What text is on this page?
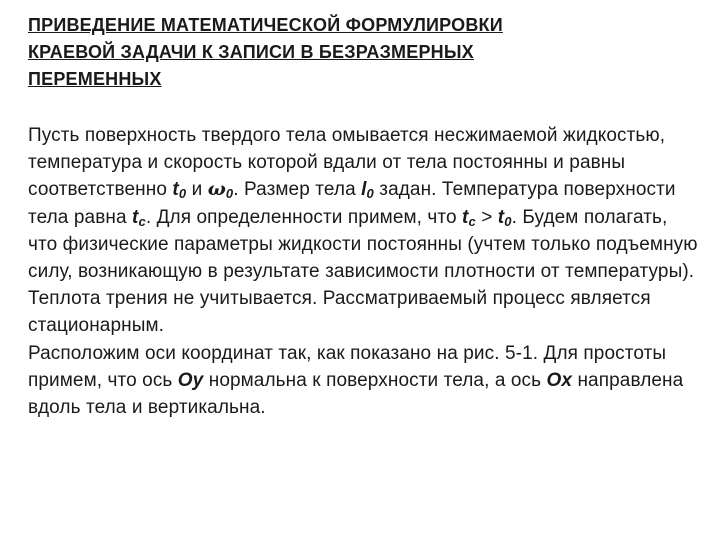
ПРИВЕДЕНИЕ МАТЕМАТИЧЕСКОЙ ФОРМУЛИРОВКИ
КРАЕВОЙ ЗАДАЧИ К ЗАПИСИ В БЕЗРАЗМЕРНЫХ
ПЕРЕМЕННЫХ

Пусть поверхность твердого тела омывается несжимаемой жидкостью, температура и скорость которой вдали от тела постоянны и равны соответственно $t_0$ и $\omega_0$. Размер тела $l_0$ задан. Температура поверхности тела равна $t_c$. Для определенности примем, что $t_c > t_0$. Будем полагать, что физические параметры жидкости постоянны (учтем только подъемную силу, возникающую в результате зависимости плотности от температуры). Теплота трения не учитывается. Рассматриваемый процесс является стационарным.

Расположим оси координат так, как показано на рис. 5-1. Для простоты примем, что ось Oy нормальна к поверхности тела, а ось Ox направлена вдоль тела и вертикальна.
